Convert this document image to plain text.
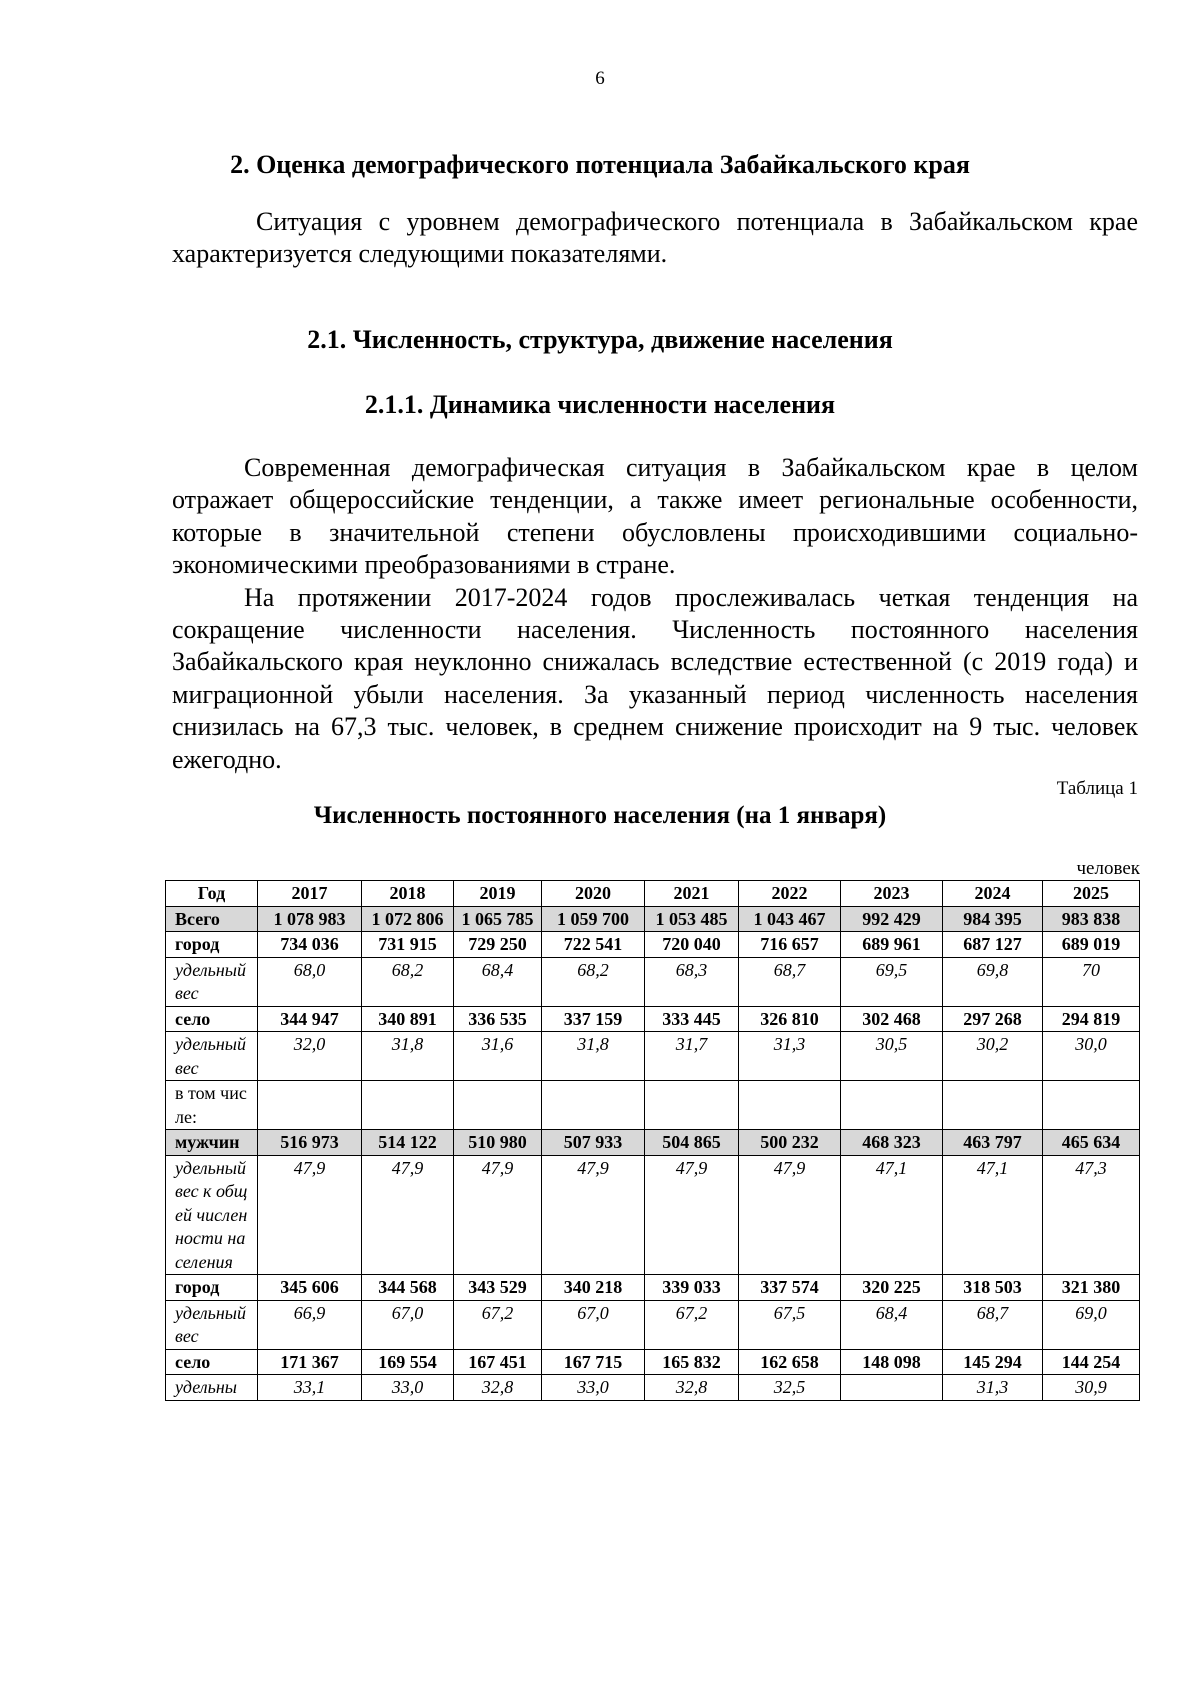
6
2. Оценка демографического потенциала Забайкальского края

Ситуация с уровнем демографического потенциала в Забайкальском крае характеризуется следующими показателями.

2.1. Численность, структура, движение населения
2.1.1. Динамика численности населения

Современная демографическая ситуация в Забайкальском крае в целом отражает общероссийские тенденции, а также имеет региональные особенности, которые в значительной степени обусловлены происходившими социально-экономическими преобразованиями в стране.

На протяжении 2017-2024 годов прослеживалась четкая тенденция на сокращение численности населения. Численность постоянного населения Забайкальского края неуклонно снижалась вследствие естественной (с 2019 года) и миграционной убыли населения. За указанный период численность населения снизилась на 67,3 тыс. человек, в среднем снижение происходит на 9 тыс. человек ежегодно.

Таблица 1
Численность постоянного населения (на 1 января)
человек
Год	2017	2018	2019	2020	2021	2022	2023	2024	2025
Всего	1 078 983	1 072 806	1 065 785	1 059 700	1 053 485	1 043 467	992 429	984 395	983 838
город	734 036	731 915	729 250	722 541	720 040	716 657	689 961	687 127	689 019
удельный вес	68,0	68,2	68,4	68,2	68,3	68,7	69,5	69,8	70
село	344 947	340 891	336 535	337 159	333 445	326 810	302 468	297 268	294 819
удельный вес	32,0	31,8	31,6	31,8	31,7	31,3	30,5	30,2	30,0
в том числе:									
мужчин	516 973	514 122	510 980	507 933	504 865	500 232	468 323	463 797	465 634
удельный вес к общей численности населения	47,9	47,9	47,9	47,9	47,9	47,9	47,1	47,1	47,3
город	345 606	344 568	343 529	340 218	339 033	337 574	320 225	318 503	321 380
удельный вес	66,9	67,0	67,2	67,0	67,2	67,5	68,4	68,7	69,0
село	171 367	169 554	167 451	167 715	165 832	162 658	148 098	145 294	144 254
удельны	33,1	33,0	32,8	33,0	32,8	32,5		31,3	30,9
